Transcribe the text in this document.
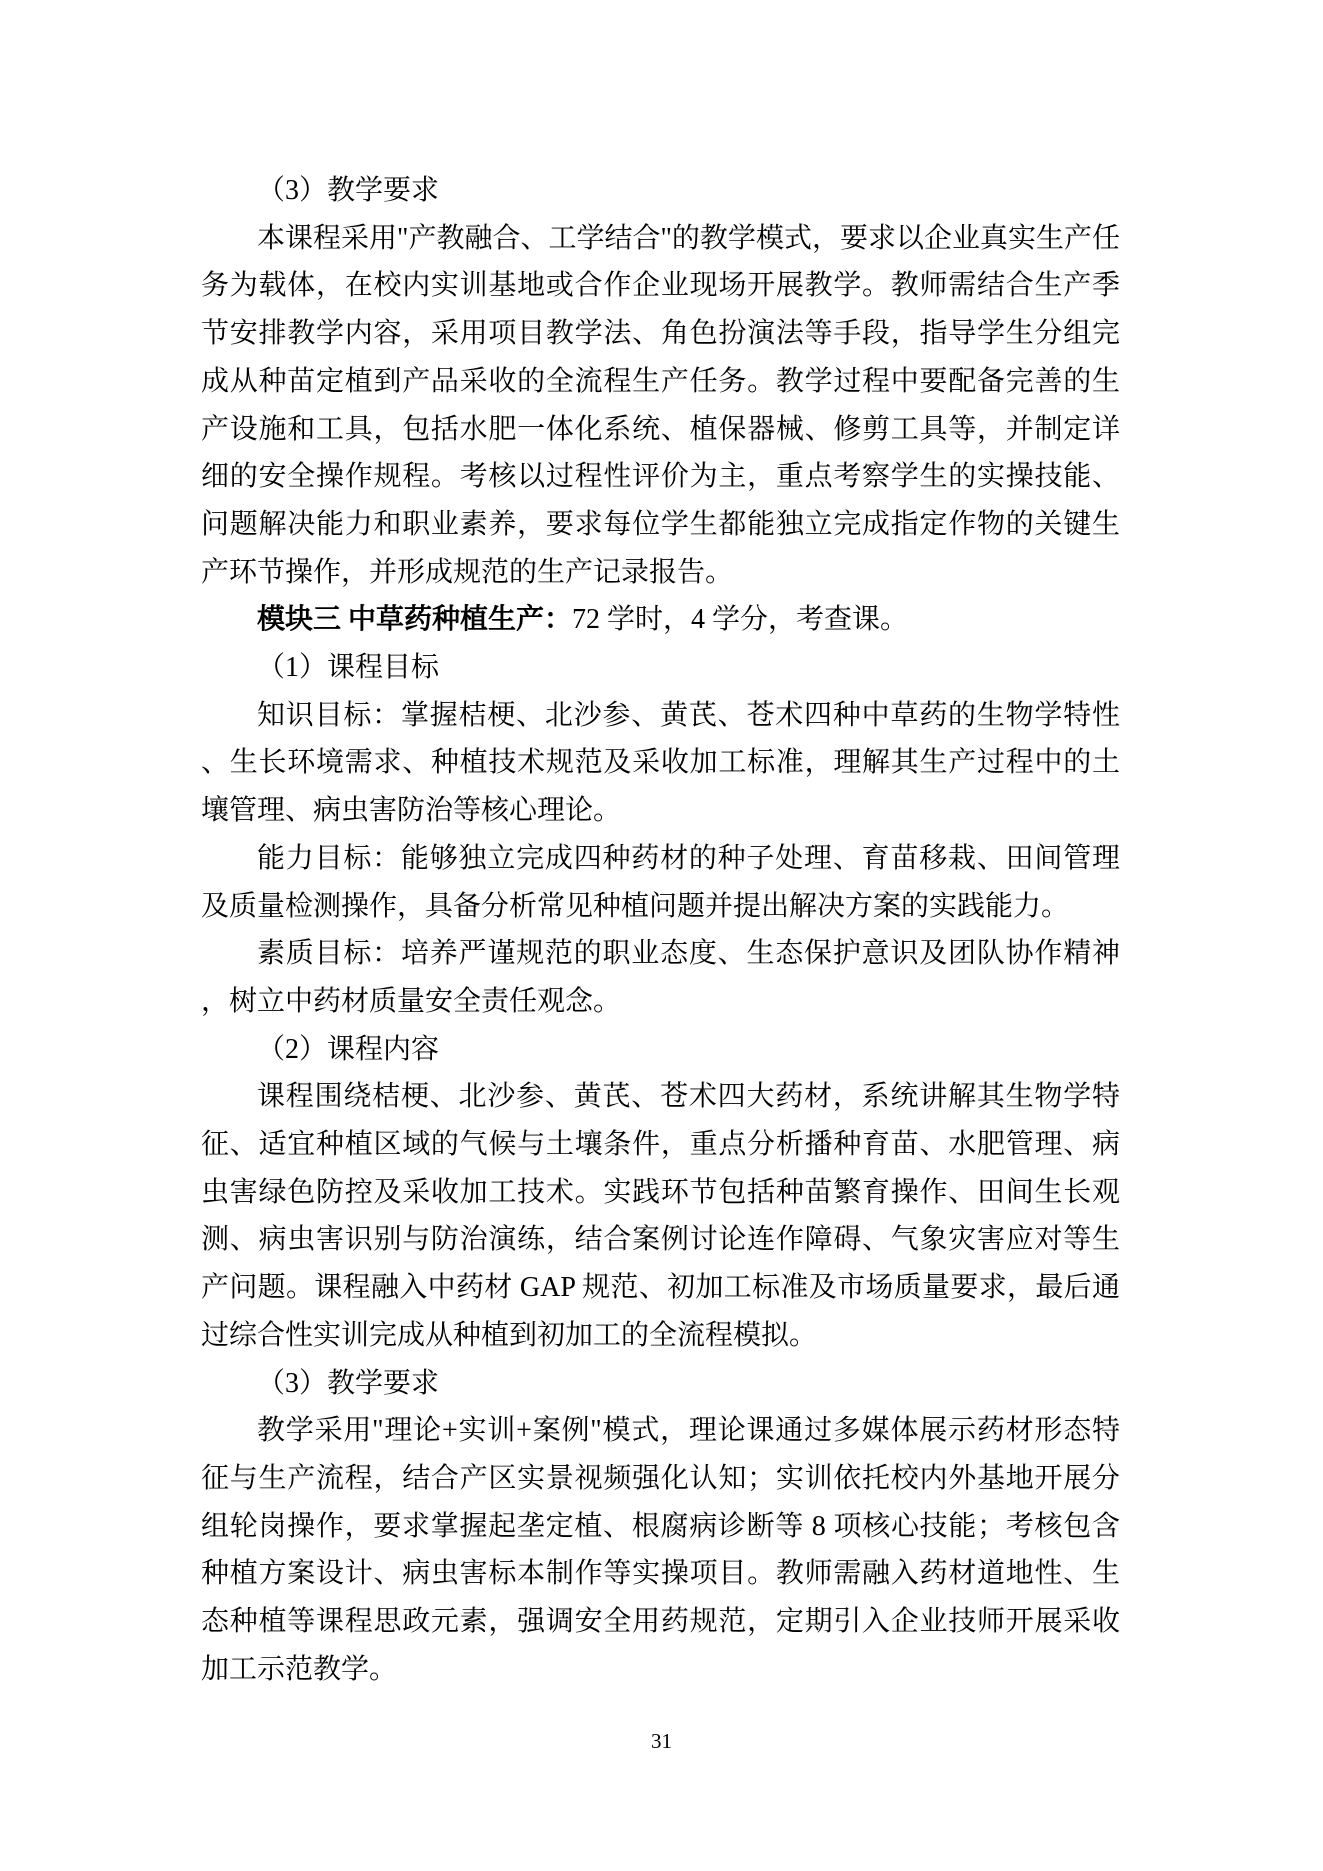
（3）教学要求

本课程采用"产教融合、工学结合"的教学模式，要求以企业真实生产任务为载体，在校内实训基地或合作企业现场开展教学。教师需结合生产季节安排教学内容，采用项目教学法、角色扮演法等手段，指导学生分组完成从种苗定植到产品采收的全流程生产任务。教学过程中要配备完善的生产设施和工具，包括水肥一体化系统、植保器械、修剪工具等，并制定详细的安全操作规程。考核以过程性评价为主，重点考察学生的实操技能、问题解决能力和职业素养，要求每位学生都能独立完成指定作物的关键生产环节操作，并形成规范的生产记录报告。

模块三 中草药种植生产：72 学时，4 学分，考查课。

（1）课程目标

知识目标：掌握桔梗、北沙参、黄芪、苍术四种中草药的生物学特性、生长环境需求、种植技术规范及采收加工标准，理解其生产过程中的土壤管理、病虫害防治等核心理论。

能力目标：能够独立完成四种药材的种子处理、育苗移栽、田间管理及质量检测操作，具备分析常见种植问题并提出解决方案的实践能力。

素质目标：培养严谨规范的职业态度、生态保护意识及团队协作精神，树立中药材质量安全责任观念。

（2）课程内容

课程围绕桔梗、北沙参、黄芪、苍术四大药材，系统讲解其生物学特征、适宜种植区域的气候与土壤条件，重点分析播种育苗、水肥管理、病虫害绿色防控及采收加工技术。实践环节包括种苗繁育操作、田间生长观测、病虫害识别与防治演练，结合案例讨论连作障碍、气象灾害应对等生产问题。课程融入中药材 GAP 规范、初加工标准及市场质量要求，最后通过综合性实训完成从种植到初加工的全流程模拟。

（3）教学要求

教学采用"理论+实训+案例"模式，理论课通过多媒体展示药材形态特征与生产流程，结合产区实景视频强化认知；实训依托校内外基地开展分组轮岗操作，要求掌握起垄定植、根腐病诊断等 8 项核心技能；考核包含种植方案设计、病虫害标本制作等实操项目。教师需融入药材道地性、生态种植等课程思政元素，强调安全用药规范，定期引入企业技师开展采收加工示范教学。

31
